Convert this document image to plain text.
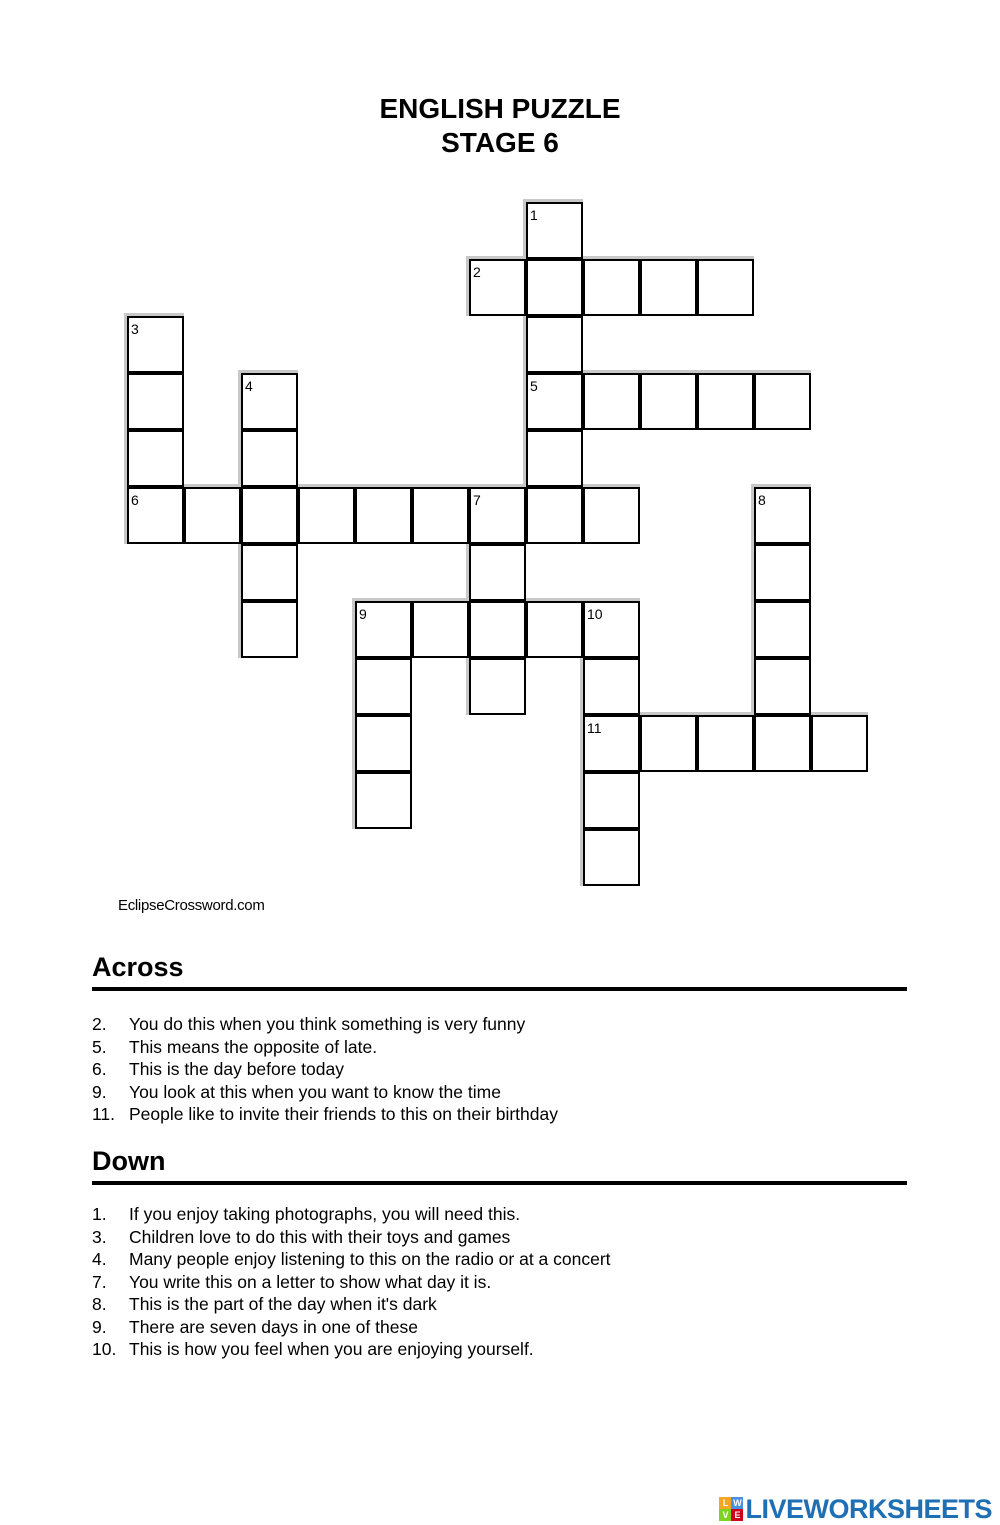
ENGLISH PUZZLE
STAGE 6
1
2
3
4	5
6	7	8
9	10
11
EclipseCrossword.com
Across
2. You do this when you think something is very funny
5. This means the opposite of late.
6. This is the day before today
9. You look at this when you want to know the time
11. People like to invite their friends to this on their birthday
Down
1. If you enjoy taking photographs, you will need this.
3. Children love to do this with their toys and games
4. Many people enjoy listening to this on the radio or at a concert
7. You write this on a letter to show what day it is.
8. This is the part of the day when it's dark
9. There are seven days in one of these
10. This is how you feel when you are enjoying yourself.
L W
V E LIVEWORKSHEETS
